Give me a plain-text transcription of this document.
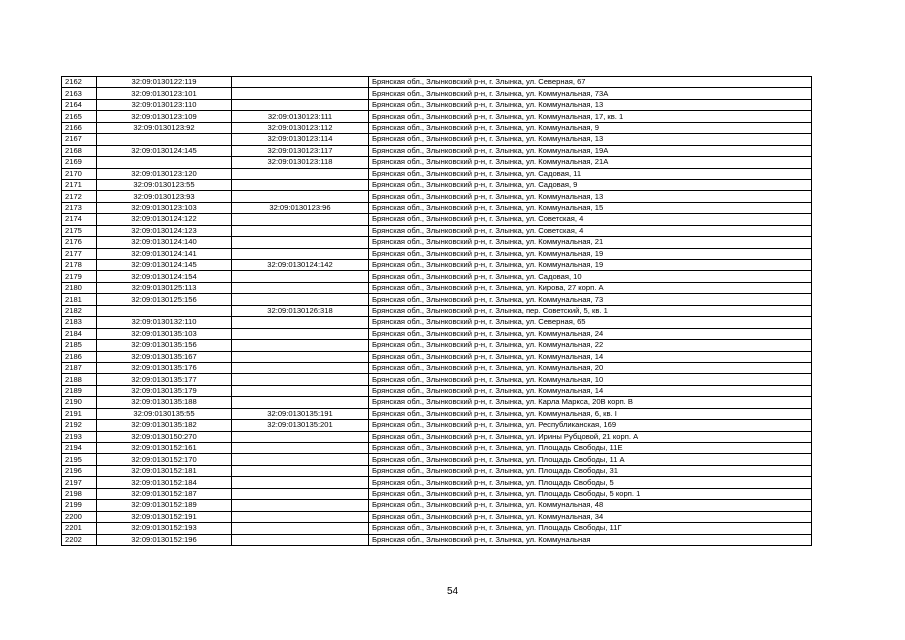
2162	32:09:0130122:119		Брянская обл., Злынковский р-н, г. Злынка, ул. Северная, 67
2163	32:09:0130123:101		Брянская обл., Злынковский р-н, г. Злынка, ул. Коммунальная, 73А
2164	32:09:0130123:110		Брянская обл., Злынковский р-н, г. Злынка, ул. Коммунальная, 13
2165	32:09:0130123:109	32:09:0130123:111	Брянская обл., Злынковский р-н, г. Злынка, ул. Коммунальная, 17, кв. 1
2166	32:09:0130123:92	32:09:0130123:112	Брянская обл., Злынковский р-н, г. Злынка, ул. Коммунальная, 9
2167		32:09:0130123:114	Брянская обл., Злынковский р-н, г. Злынка, ул. Коммунальная, 13
2168	32:09:0130124:145	32:09:0130123:117	Брянская обл., Злынковский р-н, г. Злынка, ул. Коммунальная, 19А
2169		32:09:0130123:118	Брянская обл., Злынковский р-н, г. Злынка, ул. Коммунальная, 21А
2170	32:09:0130123:120		Брянская обл., Злынковский р-н, г. Злынка, ул. Садовая, 11
2171	32:09:0130123:55		Брянская обл., Злынковский р-н, г. Злынка, ул. Садовая, 9
2172	32:09:0130123:93		Брянская обл., Злынковский р-н, г. Злынка, ул. Коммунальная, 13
2173	32:09:0130123:103	32:09:0130123:96	Брянская обл., Злынковский р-н, г. Злынка, ул. Коммунальная, 15
2174	32:09:0130124:122		Брянская обл., Злынковский р-н, г. Злынка, ул. Советская, 4
2175	32:09:0130124:123		Брянская обл., Злынковский р-н, г. Злынка, ул. Советская, 4
2176	32:09:0130124:140		Брянская обл., Злынковский р-н, г. Злынка, ул. Коммунальная, 21
2177	32:09:0130124:141		Брянская обл., Злынковский р-н, г. Злынка, ул. Коммунальная, 19
2178	32:09:0130124:145	32:09:0130124:142	Брянская обл., Злынковский р-н, г. Злынка, ул. Коммунальная, 19
2179	32:09:0130124:154		Брянская обл., Злынковский р-н, г. Злынка, ул. Садовая, 10
2180	32:09:0130125:113		Брянская обл., Злынковский р-н, г. Злынка, ул. Кирова, 27 корп. А
2181	32:09:0130125:156		Брянская обл., Злынковский р-н, г. Злынка, ул. Коммунальная, 73
2182		32:09:0130126:318	Брянская обл., Злынковский р-н, г. Злынка, пер. Советский, 5, кв. 1
2183	32:09:0130132:110		Брянская обл., Злынковский р-н, г. Злынка, ул. Северная, 65
2184	32:09:0130135:103		Брянская обл., Злынковский р-н, г. Злынка, ул. Коммунальная, 24
2185	32:09:0130135:156		Брянская обл., Злынковский р-н, г. Злынка, ул. Коммунальная, 22
2186	32:09:0130135:167		Брянская обл., Злынковский р-н, г. Злынка, ул. Коммунальная, 14
2187	32:09:0130135:176		Брянская обл., Злынковский р-н, г. Злынка, ул. Коммунальная, 20
2188	32:09:0130135:177		Брянская обл., Злынковский р-н, г. Злынка, ул. Коммунальная, 10
2189	32:09:0130135:179		Брянская обл., Злынковский р-н, г. Злынка, ул. Коммунальная, 14
2190	32:09:0130135:188		Брянская обл., Злынковский р-н, г. Злынка, ул. Карла Маркса, 20В корп. В
2191	32:09:0130135:55	32:09:0130135:191	Брянская обл., Злынковский р-н, г. Злынка, ул. Коммунальная, 6, кв. I
2192	32:09:0130135:182	32:09:0130135:201	Брянская обл., Злынковский р-н, г. Злынка, ул. Республиканская, 169
2193	32:09:0130150:270		Брянская обл., Злынковский р-н, г. Злынка, ул. Ирины Рубцовой, 21 корп. А
2194	32:09:0130152:161		Брянская обл., Злынковский р-н, г. Злынка, ул. Площадь Свободы, 11Е
2195	32:09:0130152:170		Брянская обл., Злынковский р-н, г. Злынка, ул. Площадь Свободы, 11 А
2196	32:09:0130152:181		Брянская обл., Злынковский р-н, г. Злынка, ул. Площадь Свободы, 31
2197	32:09:0130152:184		Брянская обл., Злынковский р-н, г. Злынка, ул. Площадь Свободы, 5
2198	32:09:0130152:187		Брянская обл., Злынковский р-н, г. Злынка, ул. Площадь Свободы, 5 корп. 1
2199	32:09:0130152:189		Брянская обл., Злынковский р-н, г. Злынка, ул. Коммунальная, 48
2200	32:09:0130152:191		Брянская обл., Злынковский р-н, г. Злынка, ул. Коммунальная, 34
2201	32:09:0130152:193		Брянская обл., Злынковский р-н, г. Злынка, ул. Площадь Свободы, 11Г
2202	32:09:0130152:196		Брянская обл., Злынковский р-н, г. Злынка, ул. Коммунальная
54
